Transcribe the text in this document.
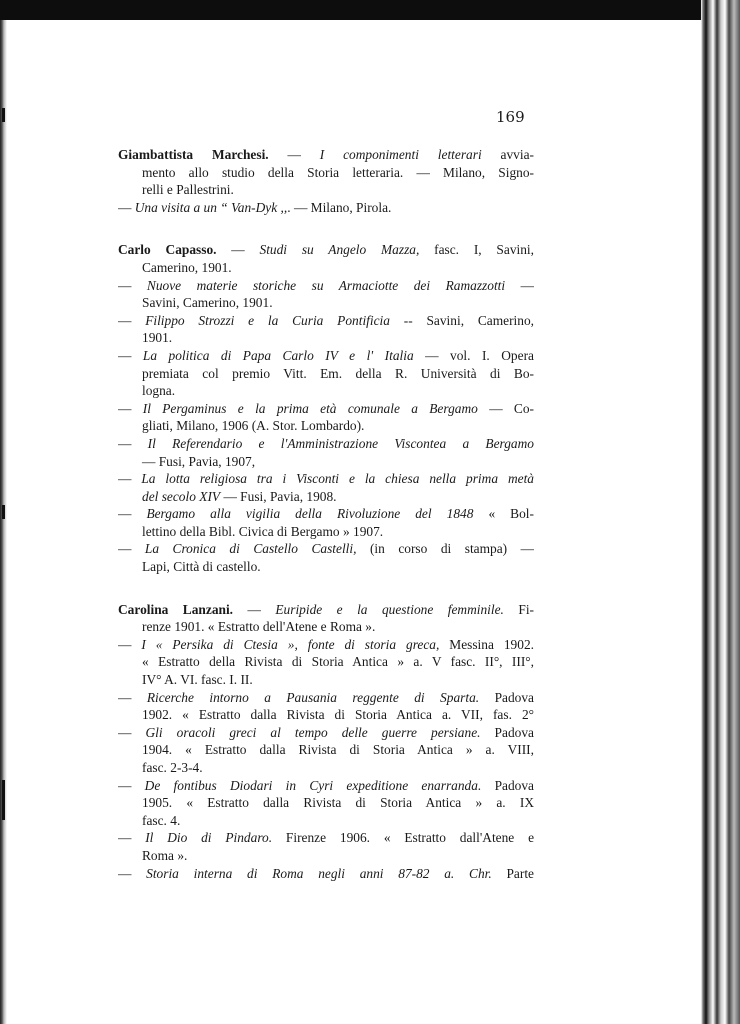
169
Giambattista Marchesi. — I componimenti letterari avvia-
mento allo studio della Storia letteraria. — Milano, Signo-
relli e Pallestrini.
— Una visita a un “ Van-Dyk ,,. — Milano, Pirola.
Carlo Capasso. — Studi su Angelo Mazza, fasc. I, Savini,
Camerino, 1901.
— Nuove materie storiche su Armaciotte dei Ramazzotti —
Savini, Camerino, 1901.
— Filippo Strozzi e la Curia Pontificia -- Savini, Camerino,
1901.
— La politica di Papa Carlo IV e l' Italia — vol. I. Opera
premiata col premio Vitt. Em. della R. Università di Bo-
logna.
— Il Pergaminus e la prima età comunale a Bergamo — Co-
gliati, Milano, 1906 (A. Stor. Lombardo).
— Il Referendario e l'Amministrazione Viscontea a Bergamo
— Fusi, Pavia, 1907,
— La lotta religiosa tra i Visconti e la chiesa nella prima metà
del secolo XIV — Fusi, Pavia, 1908.
— Bergamo alla vigilia della Rivoluzione del 1848 « Bol-
lettino della Bibl. Civica di Bergamo » 1907.
— La Cronica di Castello Castelli, (in corso di stampa) —
Lapi, Città di castello.
Carolina Lanzani. — Euripide e la questione femminile. Fi-
renze 1901. « Estratto dell'Atene e Roma ».
— I « Persika di Ctesia », fonte di storia greca, Messina 1902.
« Estratto della Rivista di Storia Antica » a. V fasc. II°, III°,
IV° A. VI. fasc. I. II.
— Ricerche intorno a Pausania reggente di Sparta. Padova
1902. « Estratto dalla Rivista di Storia Antica a. VII, fas. 2°
— Gli oracoli greci al tempo delle guerre persiane. Padova
1904. « Estratto dalla Rivista di Storia Antica » a. VIII,
fasc. 2-3-4.
— De fontibus Diodari in Cyri expeditione enarranda. Padova
1905. « Estratto dalla Rivista di Storia Antica » a. IX
fasc. 4.
— Il Dio di Pindaro. Firenze 1906. « Estratto dall'Atene e
Roma ».
— Storia interna di Roma negli anni 87-82 a. Chr. Parte
